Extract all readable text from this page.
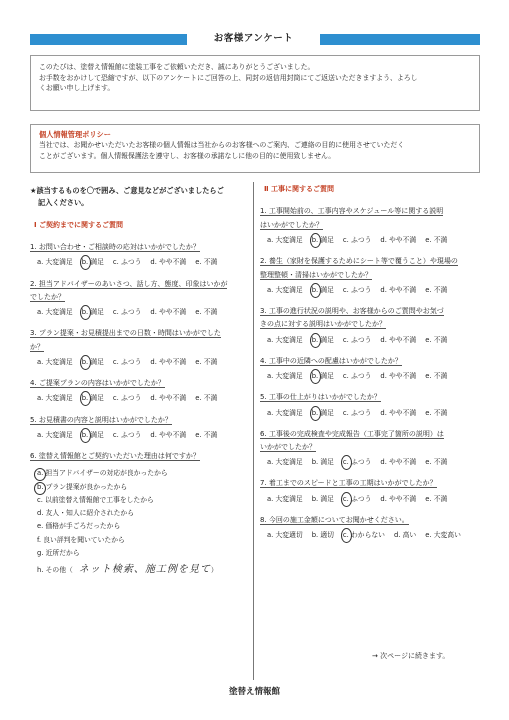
お客様アンケート
このたびは、塗替え情報館に塗装工事をご依頼いただき、誠にありがとうございました。
お手数をおかけして恐縮ですが、以下のアンケートにご回答の上、同封の返信用封筒にてご返送いただきますよう、よろし
くお願い申し上げます。
個人情報管理ポリシー
当社では、お聞かせいただいたお客様の個人情報は当社からのお客様へのご案内、ご連絡の目的に使用させていただく
ことがございます。個人情報保護法を遵守し、お客様の承諾なしに他の目的に使用致しません。
★該当するものを〇で囲み、ご意見などがございましたらご
記入ください。
Ⅰ ご契約までに関するご質問
1. お問い合わせ・ご相談時の応対はいかがでしたか？
a. 大変満足 b. 満足 c. ふつう d. やや不満 e. 不満
2. 担当アドバイザーのあいさつ、話し方、態度、印象はいかが
でしたか？
a. 大変満足 b. 満足 c. ふつう d. やや不満 e. 不満
3. プラン提案・お見積提出までの日数・時間はいかがでした
か？
a. 大変満足 b. 満足 c. ふつう d. やや不満 e. 不満
4. ご提案プランの内容はいかがでしたか？
a. 大変満足 b. 満足 c. ふつう d. やや不満 e. 不満
5. お見積書の内容と説明はいかがでしたか？
a. 大変満足 b. 満足 c. ふつう d. やや不満 e. 不満
6. 塗替え情報館とご契約いただいた理由は何ですか？
a. 担当アドバイザーの対応が良かったから
b. プラン提案が良かったから
c. 以前塗替え情報館で工事をしたから
d. 友人・知人に紹介されたから
e. 価格が手ごろだったから
f. 良い評判を聞いていたから
g. 近所だから
h. その他（ ネット検索、施工例を見て）
Ⅱ 工事に関するご質問
1. 工事開始前の、工事内容やスケジュール等に関する説明
はいかがでしたか？
a. 大変満足 b. 満足 c. ふつう d. やや不満 e. 不満
2. 養生（家財を保護するためにシート等で覆うこと）や現場の
整理整頓・清掃はいかがでしたか？
a. 大変満足 b. 満足 c. ふつう d. やや不満 e. 不満
3. 工事の進行状況の説明や、お客様からのご質問やお気づ
きの点に対する説明はいかがでしたか？
a. 大変満足 b. 満足 c. ふつう d. やや不満 e. 不満
4. 工事中の近隣への配慮はいかがでしたか？
a. 大変満足 b. 満足 c. ふつう d. やや不満 e. 不満
5. 工事の仕上がりはいかがでしたか？
a. 大変満足 b. 満足 c. ふつう d. やや不満 e. 不満
6. 工事後の完成検査や完成報告（工事完了箇所の説明）は
いかがでしたか？
a. 大変満足 b. 満足 c. ふつう d. やや不満 e. 不満
7. 着工までのスピードと工事の工期はいかがでしたか？
a. 大変満足 b. 満足 c. ふつう d. やや不満 e. 不満
8. 今回の施工金額についてお聞かせください。
a. 大変適切 b. 適切 c. わからない d. 高い e. 大変高い
→ 次ページに続きます。
塗替え情報館
